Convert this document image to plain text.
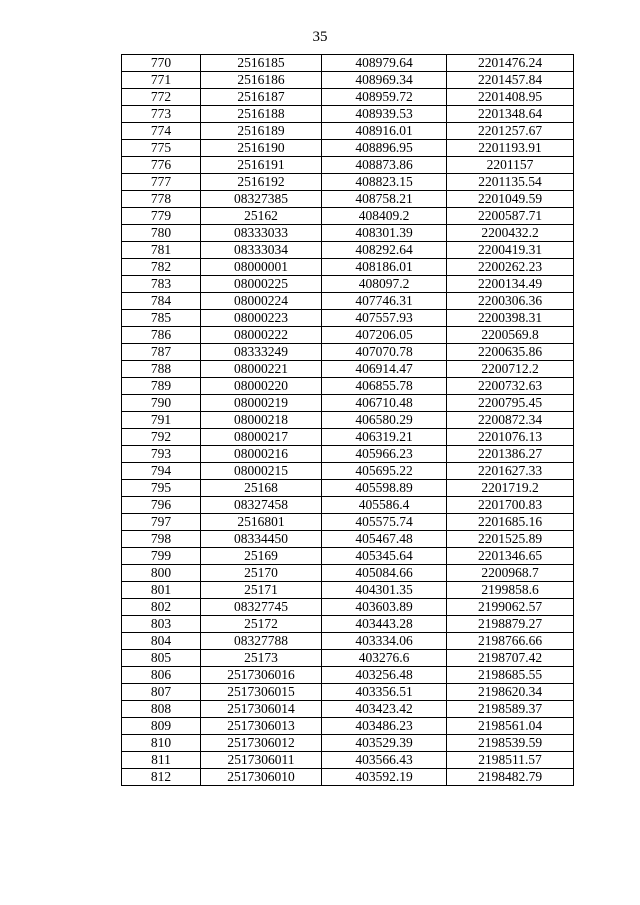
35
770	2516185	408979.64	2201476.24
771	2516186	408969.34	2201457.84
772	2516187	408959.72	2201408.95
773	2516188	408939.53	2201348.64
774	2516189	408916.01	2201257.67
775	2516190	408896.95	2201193.91
776	2516191	408873.86	2201157
777	2516192	408823.15	2201135.54
778	08327385	408758.21	2201049.59
779	25162	408409.2	2200587.71
780	08333033	408301.39	2200432.2
781	08333034	408292.64	2200419.31
782	08000001	408186.01	2200262.23
783	08000225	408097.2	2200134.49
784	08000224	407746.31	2200306.36
785	08000223	407557.93	2200398.31
786	08000222	407206.05	2200569.8
787	08333249	407070.78	2200635.86
788	08000221	406914.47	2200712.2
789	08000220	406855.78	2200732.63
790	08000219	406710.48	2200795.45
791	08000218	406580.29	2200872.34
792	08000217	406319.21	2201076.13
793	08000216	405966.23	2201386.27
794	08000215	405695.22	2201627.33
795	25168	405598.89	2201719.2
796	08327458	405586.4	2201700.83
797	2516801	405575.74	2201685.16
798	08334450	405467.48	2201525.89
799	25169	405345.64	2201346.65
800	25170	405084.66	2200968.7
801	25171	404301.35	2199858.6
802	08327745	403603.89	2199062.57
803	25172	403443.28	2198879.27
804	08327788	403334.06	2198766.66
805	25173	403276.6	2198707.42
806	2517306016	403256.48	2198685.55
807	2517306015	403356.51	2198620.34
808	2517306014	403423.42	2198589.37
809	2517306013	403486.23	2198561.04
810	2517306012	403529.39	2198539.59
811	2517306011	403566.43	2198511.57
812	2517306010	403592.19	2198482.79
